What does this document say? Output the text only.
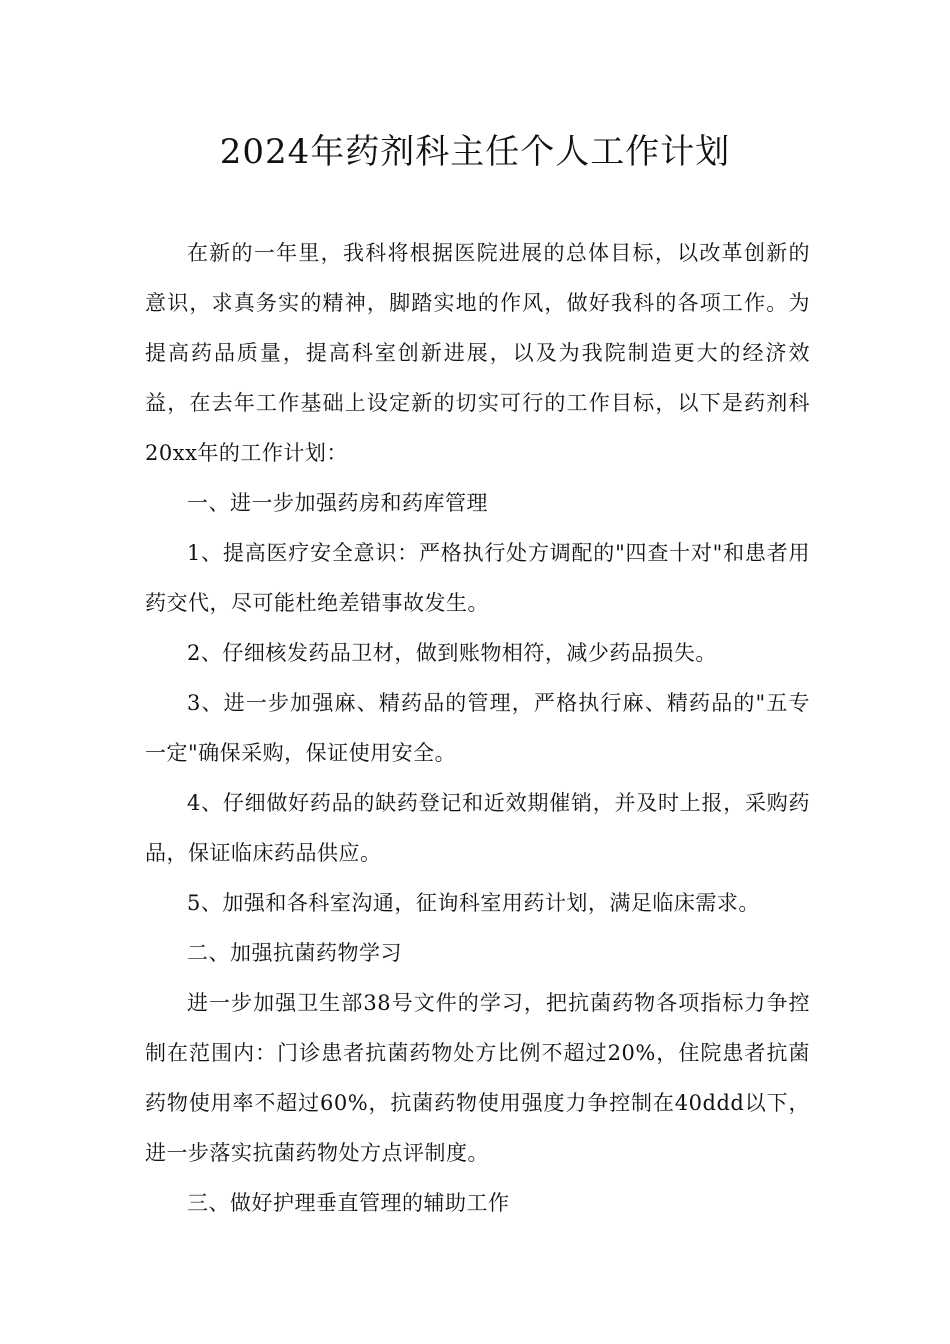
2024年药剂科主任个人工作计划

在新的一年里，我科将根据医院进展的总体目标，以改革创新的意识，求真务实的精神，脚踏实地的作风，做好我科的各项工作。为提高药品质量，提高科室创新进展，以及为我院制造更大的经济效益，在去年工作基础上设定新的切实可行的工作目标，以下是药剂科20xx年的工作计划：

一、进一步加强药房和药库管理

1、提高医疗安全意识：严格执行处方调配的"四查十对"和患者用药交代，尽可能杜绝差错事故发生。

2、仔细核发药品卫材，做到账物相符，减少药品损失。

3、进一步加强麻、精药品的管理，严格执行麻、精药品的"五专一定"确保采购，保证使用安全。

4、仔细做好药品的缺药登记和近效期催销，并及时上报，采购药品，保证临床药品供应。

5、加强和各科室沟通，征询科室用药计划，满足临床需求。

二、加强抗菌药物学习

进一步加强卫生部38号文件的学习，把抗菌药物各项指标力争控制在范围内：门诊患者抗菌药物处方比例不超过20%，住院患者抗菌药物使用率不超过60%，抗菌药物使用强度力争控制在40ddd以下，进一步落实抗菌药物处方点评制度。

三、做好护理垂直管理的辅助工作
